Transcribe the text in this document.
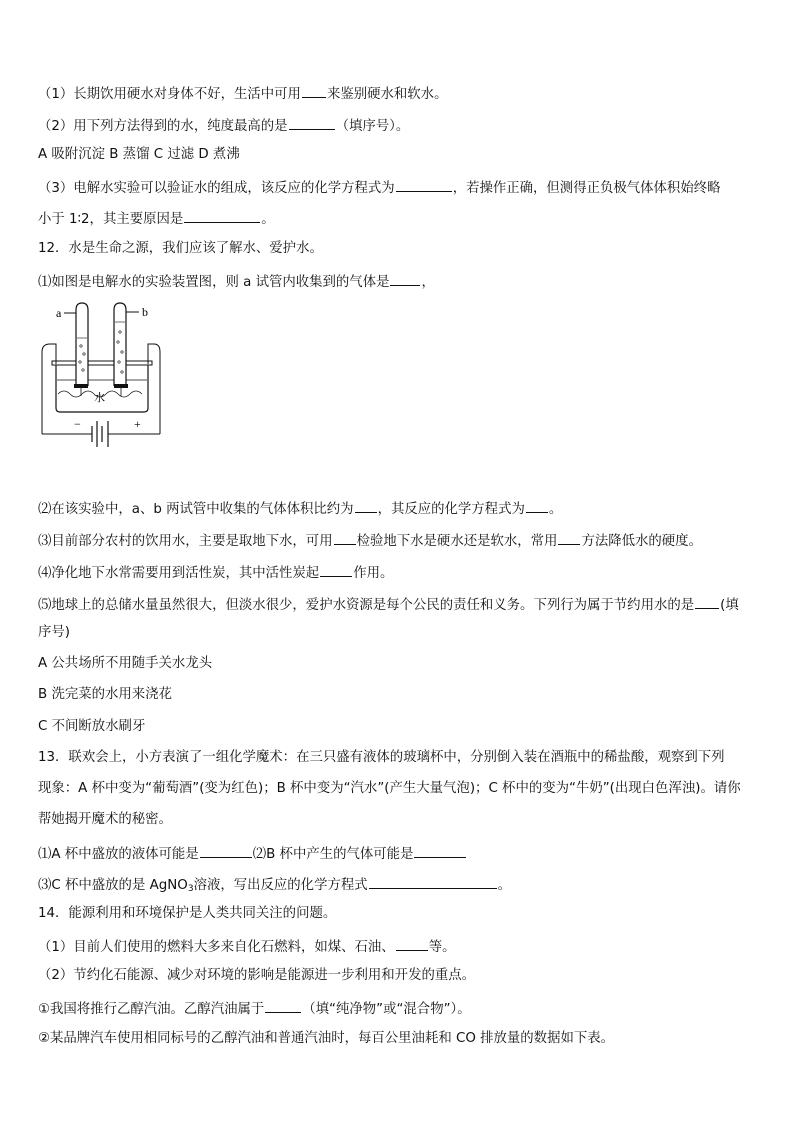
（1）长期饮用硬水对身体不好，生活中可用 来鉴别硬水和软水。
（2）用下列方法得到的水，纯度最高的是	（填序号）。
A 吸附沉淀 B 蒸馏 C 过滤 D 煮沸
（3）电解水实验可以验证水的组成，该反应的化学方程式为	，若操作正确，但测得正负极气体体积始终略
小于 1∶2，其主要原因是	。
12．水是生命之源，我们应该了解水、爱护水。
⑴如图是电解水的实验装置图，则 a 试管内收集到的气体是 ，
a	b
水
−	+
⑵在该实验中，a、b 两试管中收集的气体体积比约为 ，其反应的化学方程式为 。
⑶目前部分农村的饮用水，主要是取地下水，可用 检验地下水是硬水还是软水，常用 方法降低水的硬度。
⑷净化地下水常需要用到活性炭，其中活性炭起	作用。
⑸地球上的总储水量虽然很大，但淡水很少，爱护水资源是每个公民的责任和义务。下列行为属于节约用水的是 (填
序号)
A 公共场所不用随手关水龙头
B 洗完菜的水用来浇花
C 不间断放水刷牙
13．联欢会上，小方表演了一组化学魔术：在三只盛有液体的玻璃杯中，分别倒入装在酒瓶中的稀盐酸，观察到下列
现象：A 杯中变为“葡萄酒”(变为红色)；B 杯中变为“汽水”(产生大量气泡)；C 杯中的变为“牛奶”(出现白色浑浊)。请你
帮她揭开魔术的秘密。
⑴A 杯中盛放的液体可能是	⑵B 杯中产生的气体可能是
⑶C 杯中盛放的是 AgNO$_3$溶液，写出反应的化学方程式	。
14．能源利用和环境保护是人类共同关注的问题。
（1）目前人们使用的燃料大多来自化石燃料，如煤、石油、	等。
（2）节约化石能源、减少对环境的影响是能源进一步利用和开发的重点。
①我国将推行乙醇汽油。乙醇汽油属于	（填“纯净物”或“混合物”）。
②某品牌汽车使用相同标号的乙醇汽油和普通汽油时，每百公里油耗和 CO 排放量的数据如下表。
